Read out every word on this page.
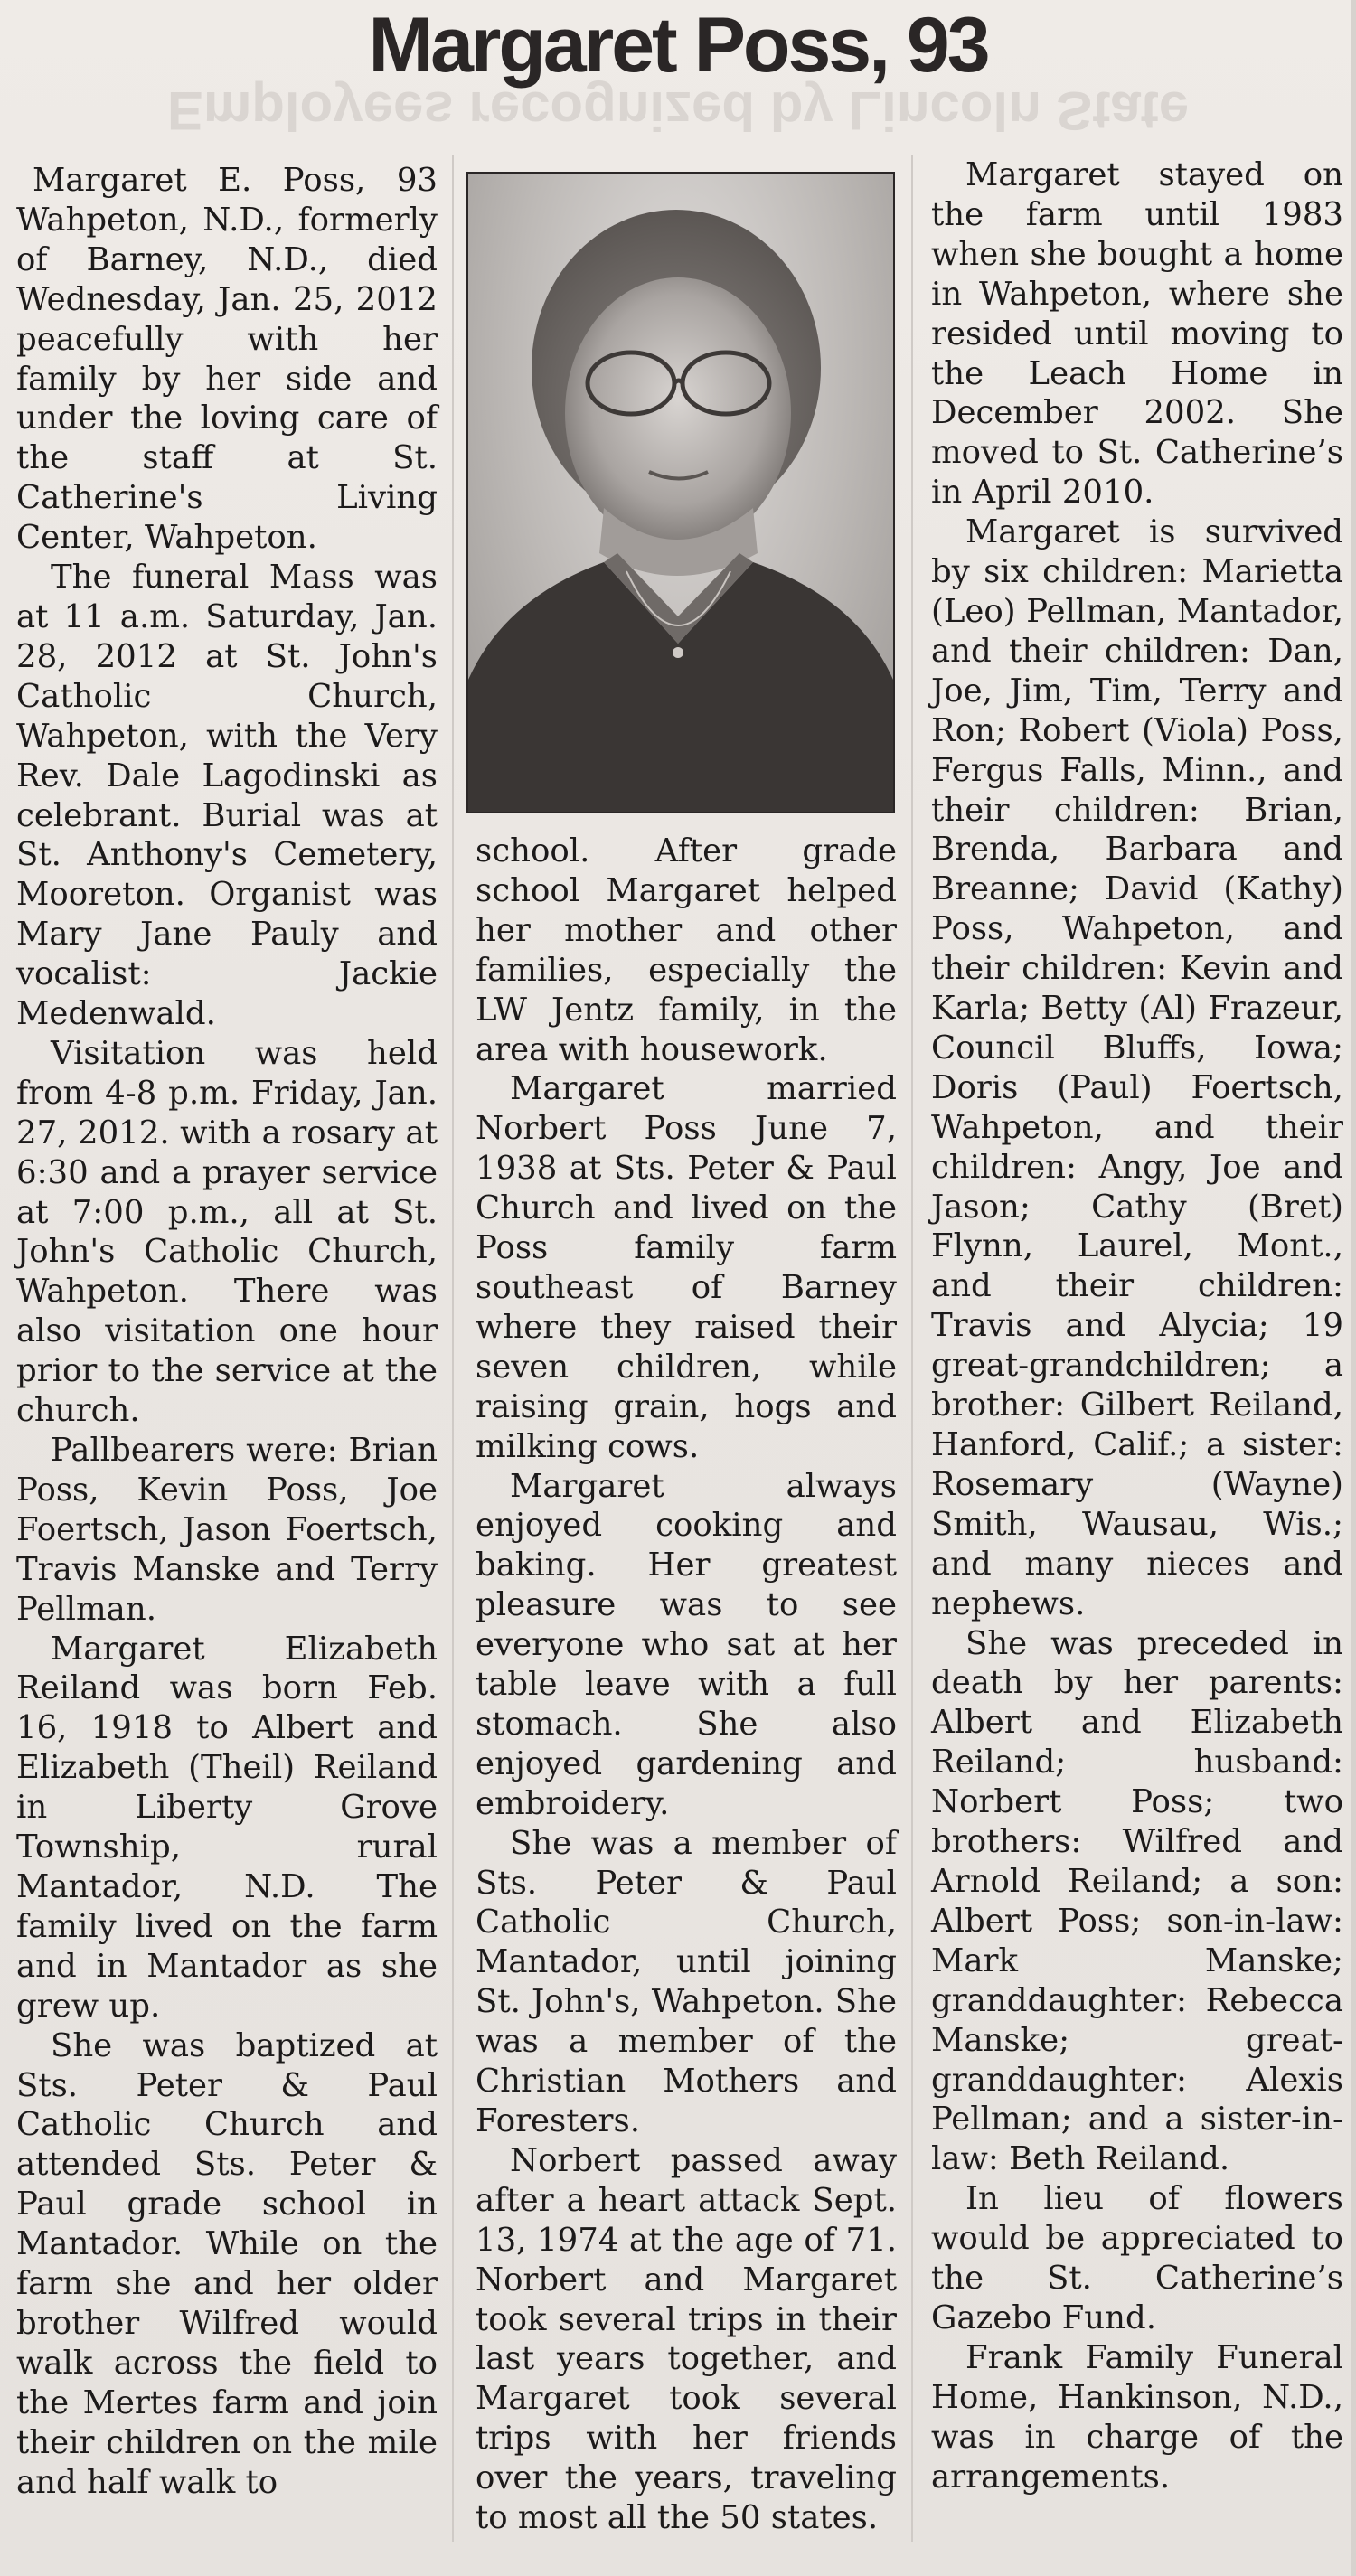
Employees recognized by Lincoln State
Margaret Poss, 93

Margaret E. Poss, 93 Wahpeton, N.D., formerly of Barney, N.D., died Wednesday, Jan. 25, 2012 peacefully with her family by her side and under the loving care of the staff at St. Catherine's Living Center, Wahpeton.

The funeral Mass was at 11 a.m. Saturday, Jan. 28, 2012 at St. John's Catholic Church, Wahpeton, with the Very Rev. Dale Lagodinski as celebrant. Burial was at St. Anthony's Cemetery, Mooreton. Organist was Mary Jane Pauly and vocalist: Jackie Medenwald.

Visitation was held from 4-8 p.m. Friday, Jan. 27, 2012. with a rosary at 6:30 and a prayer service at 7:00 p.m., all at St. John's Catholic Church, Wahpeton. There was also visitation one hour prior to the service at the church.

Pallbearers were: Brian Poss, Kevin Poss, Joe Foertsch, Jason Foertsch, Travis Manske and Terry Pellman.

Margaret Elizabeth Reiland was born Feb. 16, 1918 to Albert and Elizabeth (Theil) Reiland in Liberty Grove Township, rural Mantador, N.D. The family lived on the farm and in Mantador as she grew up.

She was baptized at Sts. Peter & Paul Catholic Church and attended Sts. Peter & Paul grade school in Mantador. While on the farm she and her older brother Wilfred would walk across the field to the Mertes farm and join their children on the mile and half walk to

school. After grade school Margaret helped her mother and other families, especially the LW Jentz family, in the area with housework.

Margaret married Norbert Poss June 7, 1938 at Sts. Peter & Paul Church and lived on the Poss family farm southeast of Barney where they raised their seven children, while raising grain, hogs and milking cows.

Margaret always enjoyed cooking and baking. Her greatest pleasure was to see everyone who sat at her table leave with a full stomach. She also enjoyed gardening and embroidery.

She was a member of Sts. Peter & Paul Catholic Church, Mantador, until joining St. John's, Wahpeton. She was a member of the Christian Mothers and Foresters.

Norbert passed away after a heart attack Sept. 13, 1974 at the age of 71. Norbert and Margaret took several trips in their last years together, and Margaret took several trips with her friends over the years, traveling to most all the 50 states.

Margaret stayed on the farm until 1983 when she bought a home in Wahpeton, where she resided until moving to the Leach Home in December 2002. She moved to St. Catherine’s in April 2010.

Margaret is survived by six children: Marietta (Leo) Pellman, Mantador, and their children: Dan, Joe, Jim, Tim, Terry and Ron; Robert (Viola) Poss, Fergus Falls, Minn., and their children: Brian, Brenda, Barbara and Breanne; David (Kathy) Poss, Wahpeton, and their children: Kevin and Karla; Betty (Al) Frazeur, Council Bluffs, Iowa; Doris (Paul) Foertsch, Wahpeton, and their children: Angy, Joe and Jason; Cathy (Bret) Flynn, Laurel, Mont., and their children: Travis and Alycia; 19 great-grandchildren; a brother: Gilbert Reiland, Hanford, Calif.; a sister: Rosemary (Wayne) Smith, Wausau, Wis.; and many nieces and nephews.

She was preceded in death by her parents: Albert and Elizabeth Reiland; husband: Norbert Poss; two brothers: Wilfred and Arnold Reiland; a son: Albert Poss; son-in-law: Mark Manske; granddaughter: Rebecca Manske; great-granddaughter: Alexis Pellman; and a sister-in-law: Beth Reiland.

In lieu of flowers would be appreciated to the St. Catherine’s Gazebo Fund.

Frank Family Funeral Home, Hankinson, N.D., was in charge of the arrangements.
